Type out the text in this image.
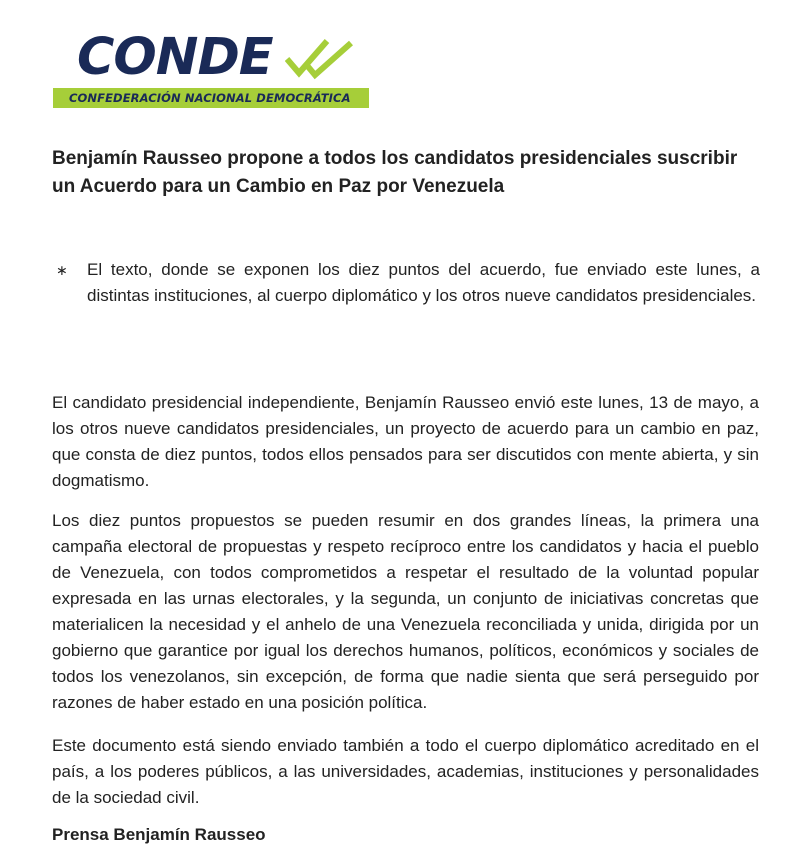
CONDE
CONFEDERACIÓN NACIONAL DEMOCRÁTICA
Benjamín Rausseo propone a todos los candidatos presidenciales suscribir un Acuerdo para un Cambio en Paz por Venezuela
∗ El texto, donde se exponen los diez puntos del acuerdo, fue enviado este lunes, a distintas instituciones, al cuerpo diplomático y los otros nueve candidatos presidenciales.

El candidato presidencial independiente, Benjamín Rausseo envió este lunes, 13 de mayo, a los otros nueve candidatos presidenciales, un proyecto de acuerdo para un cambio en paz, que consta de diez puntos, todos ellos pensados para ser discutidos con mente abierta, y sin dogmatismo.

Los diez puntos propuestos se pueden resumir en dos grandes líneas, la primera una campaña electoral de propuestas y respeto recíproco entre los candidatos y hacia el pueblo de Venezuela, con todos comprometidos a respetar el resultado de la voluntad popular expresada en las urnas electorales, y la segunda, un conjunto de iniciativas concretas que materialicen la necesidad y el anhelo de una Venezuela reconciliada y unida, dirigida por un gobierno que garantice por igual los derechos humanos, políticos, económicos y sociales de todos los venezolanos, sin excepción, de forma que nadie sienta que será perseguido por razones de haber estado en una posición política.

Este documento está siendo enviado también a todo el cuerpo diplomático acreditado en el país, a los poderes públicos, a las universidades, academias, instituciones y personalidades de la sociedad civil.

Prensa Benjamín Rausseo
